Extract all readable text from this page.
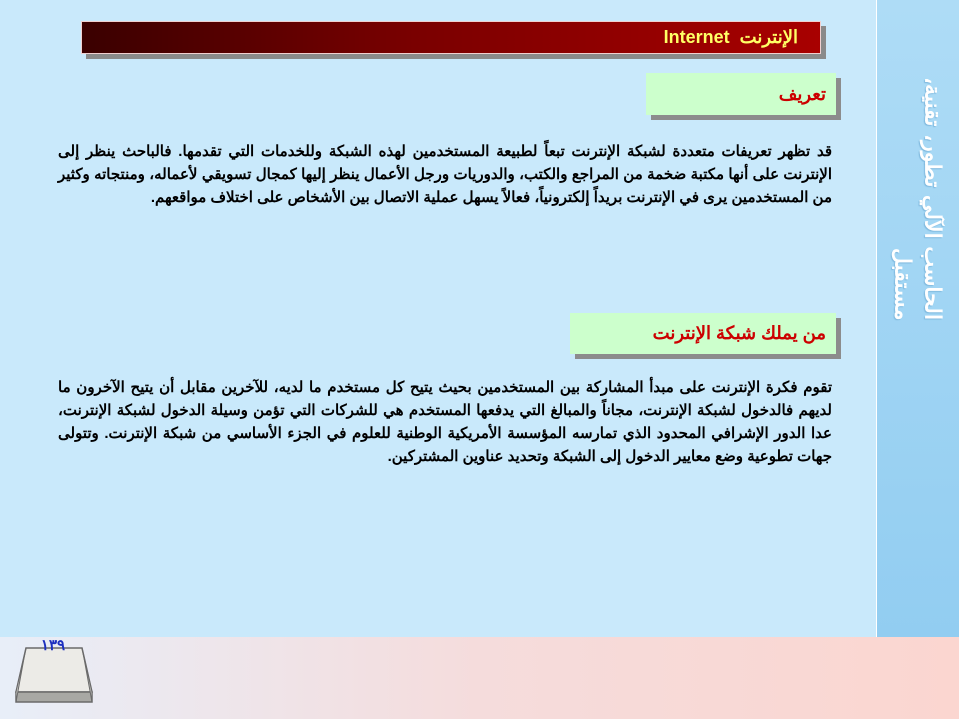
الحاسب الآلي تطور، تقنية، مستقبل
الإنترنت  Internet
تعريف
قد تظهر تعريفات متعددة لشبكة الإنترنت تبعاً لطبيعة المستخدمين لهذه الشبكة وللخدمات التي تقدمها. فالباحث ينظر إلى الإنترنت على أنها مكتبة ضخمة من المراجع والكتب، والدوريات ورجل الأعمال ينظر إليها كمجال تسويقي لأعماله، ومنتجاته وكثير من المستخدمين يرى في الإنترنت بريداً إلكترونياً، فعالاً يسهل عملية الاتصال بين الأشخاص على اختلاف مواقعهم.
من يملك شبكة الإنترنت
تقوم فكرة الإنترنت على مبدأ المشاركة بين المستخدمين بحيث يتيح كل مستخدم ما لديه، للآخرين مقابل أن يتيح الآخرون ما لديهم فالدخول لشبكة الإنترنت، مجاناً والمبالغ التي يدفعها المستخدم هي للشركات التي تؤمن وسيلة الدخول لشبكة الإنترنت، عدا الدور الإشرافي المحدود الذي تمارسه المؤسسة الأمريكية الوطنية للعلوم في الجزء الأساسي من شبكة الإنترنت. وتتولى جهات تطوعية وضع معايير الدخول إلى الشبكة وتحديد عناوين المشتركين.
١٣٩
